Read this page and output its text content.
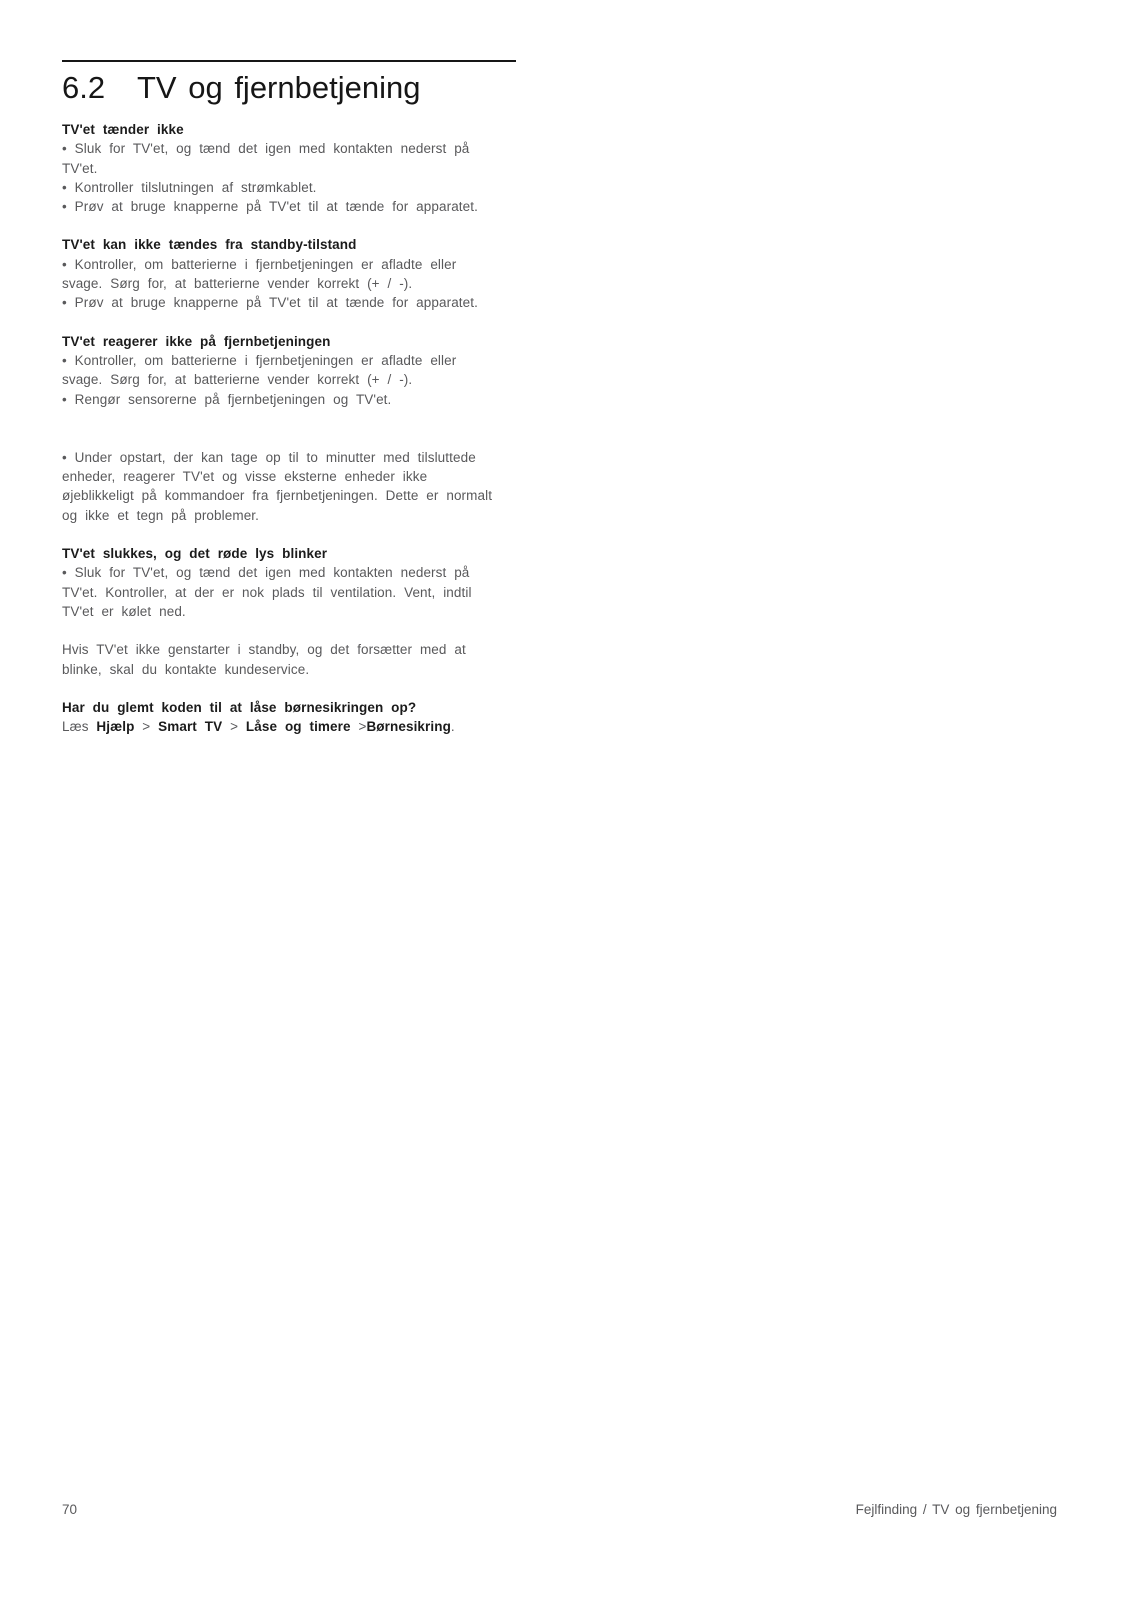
6.2 TV og fjernbetjening
TV'et tænder ikke
• Sluk for TV'et, og tænd det igen med kontakten nederst på
TV'et.
• Kontroller tilslutningen af strømkablet.
• Prøv at bruge knapperne på TV'et til at tænde for apparatet.
TV'et kan ikke tændes fra standby-tilstand
• Kontroller, om batterierne i fjernbetjeningen er afladte eller
svage. Sørg for, at batterierne vender korrekt (+ / -).
• Prøv at bruge knapperne på TV'et til at tænde for apparatet.
TV'et reagerer ikke på fjernbetjeningen
• Kontroller, om batterierne i fjernbetjeningen er afladte eller
svage. Sørg for, at batterierne vender korrekt (+ / -).
• Rengør sensorerne på fjernbetjeningen og TV'et.
• Under opstart, der kan tage op til to minutter med tilsluttede
enheder, reagerer TV'et og visse eksterne enheder ikke
øjeblikkeligt på kommandoer fra fjernbetjeningen. Dette er normalt
og ikke et tegn på problemer.
TV'et slukkes, og det røde lys blinker
• Sluk for TV'et, og tænd det igen med kontakten nederst på
TV'et. Kontroller, at der er nok plads til ventilation. Vent, indtil
TV'et er kølet ned.
Hvis TV'et ikke genstarter i standby, og det forsætter med at
blinke, skal du kontakte kundeservice.
Har du glemt koden til at låse børnesikringen op?
Læs Hjælp > Smart TV > Låse og timere >Børnesikring.
70	Fejlfinding / TV og fjernbetjening
